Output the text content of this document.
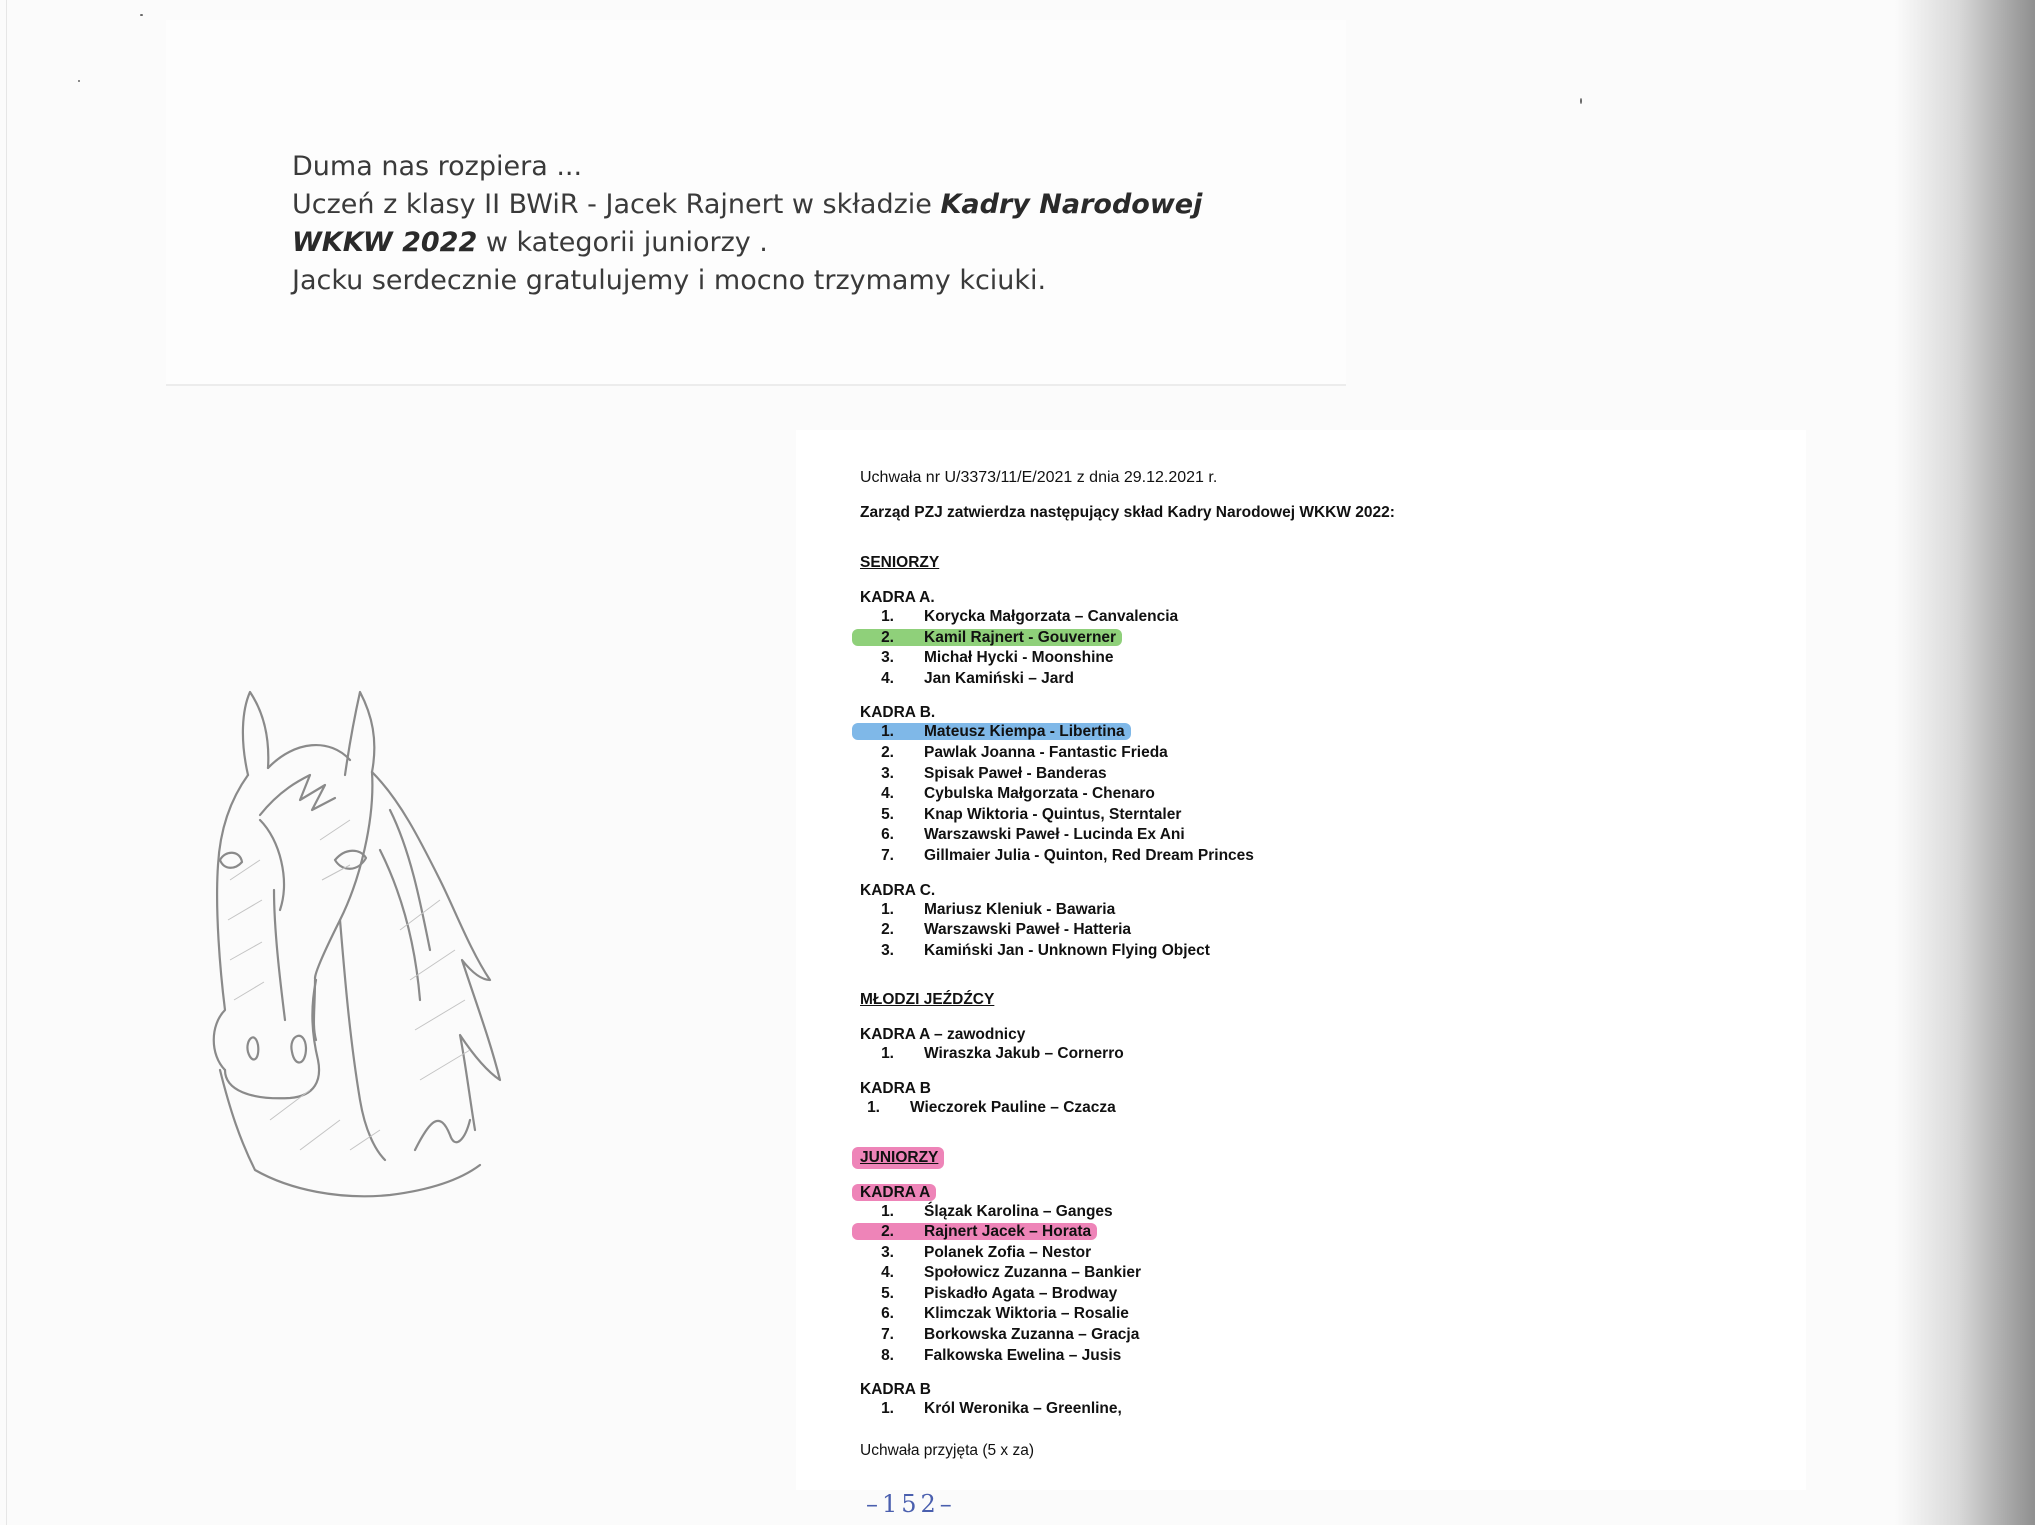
Duma nas rozpiera ...
Uczeń z klasy II BWiR - Jacek Rajnert w składzie Kadry Narodowej
WKKW 2022 w kategorii juniorzy .
Jacku serdecznie gratulujemy i mocno trzymamy kciuki.
Uchwała nr U/3373/11/E/2021 z dnia 29.12.2021 r.
Zarząd PZJ zatwierdza następujący skład Kadry Narodowej WKKW 2022:
SENIORZY
KADRA A.
1. Korycka Małgorzata – Canvalencia
2. Kamil Rajnert - Gouverner
3. Michał Hycki - Moonshine
4. Jan Kamiński – Jard
KADRA B.
1. Mateusz Kiempa - Libertina
2. Pawlak Joanna - Fantastic Frieda
3. Spisak Paweł - Banderas
4. Cybulska Małgorzata - Chenaro
5. Knap Wiktoria - Quintus, Sterntaler
6. Warszawski Paweł - Lucinda Ex Ani
7. Gillmaier Julia - Quinton, Red Dream Princes
KADRA C.
1. Mariusz Kleniuk - Bawaria
2. Warszawski Paweł - Hatteria
3. Kamiński Jan - Unknown Flying Object
MŁODZI JEŹDŹCY
KADRA A – zawodnicy
1. Wiraszka Jakub – Cornerro
KADRA B
1. Wieczorek Pauline – Czacza
JUNIORZY
KADRA A
1. Ślązak Karolina – Ganges
2. Rajnert Jacek – Horata
3. Polanek Zofia – Nestor
4. Społowicz Zuzanna – Bankier
5. Piskadło Agata – Brodway
6. Klimczak Wiktoria – Rosalie
7. Borkowska Zuzanna – Gracja
8. Falkowska Ewelina – Jusis
KADRA B
1. Król Weronika – Greenline,
Uchwała przyjęta (5 x za)
–152–
